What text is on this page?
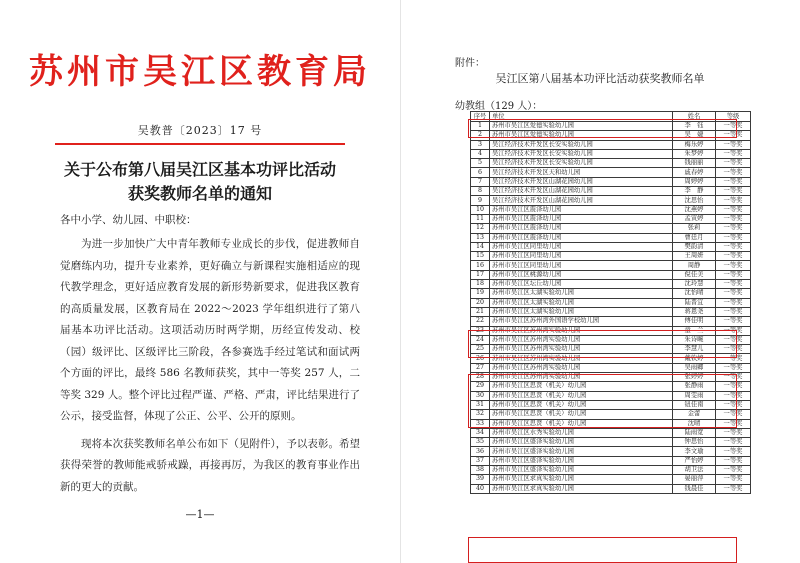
苏州市吴江区教育局
吴教普〔2023〕17 号
关于公布第八届吴江区基本功评比活动
获奖教师名单的通知
各中小学、幼儿园、中职校：

为进一步加快广大中青年教师专业成长的步伐，促进教师自觉磨练内功，提升专业素养，更好确立与新课程实施相适应的现代教学理念，更好适应教育发展的新形势新要求，促进我区教育的高质量发展，区教育局在 2022～2023 学年组织进行了第八届基本功评比活动。这项活动历时两学期，历经宣传发动、校（园）级评比、区级评比三阶段，各参赛选手经过笔试和面试两个方面的评比，最终 586 名教师获奖，其中一等奖 257 人，二等奖 329 人。整个评比过程严谨、严格、严肃，评比结果进行了公示，接受监督，体现了公正、公平、公开的原则。

现将本次获奖教师名单公布如下（见附件），予以表彰。希望获得荣誉的教师能戒骄戒躁，再接再厉，为我区的教育事业作出新的更大的贡献。

—1—
附件：
吴江区第八届基本功评比活动获奖教师名单
幼教组（129 人）：
序号	单位	姓名	等级
1	苏州市吴江区爱德实验幼儿园	李　钰	一等奖
2	苏州市吴江区爱德实验幼儿园	吴　婕	一等奖
3	吴江经济技术开发区长安实验幼儿园	梅乐婷	一等奖
4	吴江经济技术开发区长安实验幼儿园	朱梦婷	一等奖
5	吴江经济技术开发区长安实验幼儿园	钱丽丽	一等奖
6	吴江经济技术开发区天和幼儿园	戚春婷	一等奖
7	吴江经济技术开发区山湖花园幼儿园	周婷婷	一等奖
8	吴江经济技术开发区山湖花园幼儿园	李　静	一等奖
9	吴江经济技术开发区山湖花园幼儿园	沈思怡	一等奖
10	苏州市吴江区震泽幼儿园	沈燕婷	一等奖
11	苏州市吴江区震泽幼儿园	孟寅婷	一等奖
12	苏州市吴江区震泽幼儿园	张莉	一等奖
13	苏州市吴江区震泽幼儿园	曹廷月	一等奖
14	苏州市吴江区同里幼儿园	樊韵清	一等奖
15	苏州市吴江区同里幼儿园	王周妍	一等奖
16	苏州市吴江区同里幼儿园	周静	一等奖
17	苏州市吴江区桃源幼儿园	倪佳美	一等奖
18	苏州市吴江区坛丘幼儿园	沈玲慧	一等奖
19	苏州市吴江区太湖实验幼儿园	沈怡晴	一等奖
20	苏州市吴江区太湖实验幼儿园	陆晋宜	一等奖
21	苏州市吴江区太湖实验幼儿园	蒋恩尧	一等奖
22	苏州市吴江区苏州湾外国语学校幼儿园	傅佳明	一等奖
23	苏州市吴江区苏州湾实验幼儿园	童　兰	一等奖
24	苏州市吴江区苏州湾实验幼儿园	朱诗畹	一等奖
25	苏州市吴江区苏州湾实验幼儿园	李慧儿	一等奖
26	苏州市吴江区苏州湾实验幼儿园	戴钦婷	一等奖
27	苏州市吴江区苏州湾实验幼儿园	吴雨卿	一等奖
28	苏州市吴江区苏州湾实验幼儿园	张婷婷	一等奖
29	苏州市吴江区思贤（机关）幼儿园	张静雨	一等奖
30	苏州市吴江区思贤（机关）幼儿园	周雯雨	一等奖
31	苏州市吴江区思贤（机关）幼儿园	钮佳南	一等奖
32	苏州市吴江区思贤（机关）幼儿园	金蕾	一等奖
33	苏州市吴江区思贤（机关）幼儿园	沈晴	一等奖
34	苏州市吴江区水秀实验幼儿园	陆雨宽	一等奖
35	苏州市吴江区盛泽实验幼儿园	钟思怡	一等奖
36	苏州市吴江区盛泽实验幼儿园	李文瑜	一等奖
37	苏州市吴江区盛泽实验幼儿园	严怡婷	一等奖
38	苏州市吴江区盛泽实验幼儿园	胡卫法	一等奖
39	苏州市吴江区求真实验幼儿园	晏丽萍	一等奖
40	苏州市吴江区求真实验幼儿园	钱晨佳	一等奖
